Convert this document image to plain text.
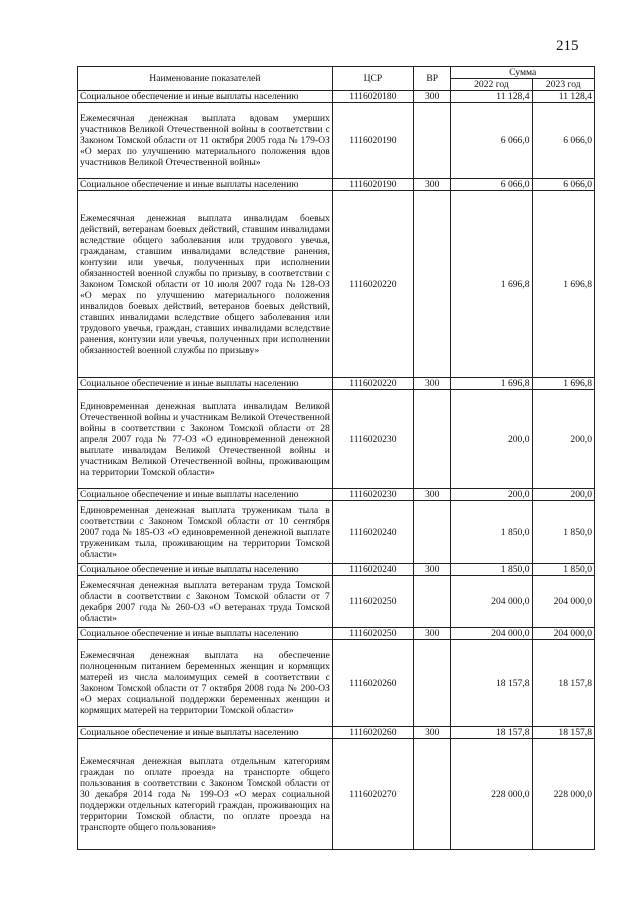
215
Наименование показателей	ЦСР	ВР	Сумма	
			2022 год	2023 год
Социальное обеспечение и иные выплаты населению	1116020180	300	11 128,4	11 128,4
Ежемесячная денежная выплата вдовам умерших участников Великой Отечественной войны в соответствии с Законом Томской области от 11 октября 2005 года № 179-ОЗ «О мерах по улучшению материального положения вдов участников Великой Отечественной войны»	1116020190		6 066,0	6 066,0
Социальное обеспечение и иные выплаты населению	1116020190	300	6 066,0	6 066,0
Ежемесячная денежная выплата инвалидам боевых действий, ветеранам боевых действий, ставшим инвалидами вследствие общего заболевания или трудового увечья, гражданам, ставшим инвалидами вследствие ранения, контузии или увечья, полученных при исполнении обязанностей военной службы по призыву, в соответствии с Законом Томской области от 10 июля 2007 года № 128-ОЗ «О мерах по улучшению материального положения инвалидов боевых действий, ветеранов боевых действий, ставших инвалидами вследствие общего заболевания или трудового увечья, граждан, ставших инвалидами вследствие ранения, контузии или увечья, полученных при исполнении обязанностей военной службы по призыву»	1116020220		1 696,8	1 696,8
Социальное обеспечение и иные выплаты населению	1116020220	300	1 696,8	1 696,8
Единовременная денежная выплата инвалидам Великой Отечественной войны и участникам Великой Отечественной войны в соответствии с Законом Томской области от 28 апреля 2007 года № 77-ОЗ «О единовременной денежной выплате инвалидам Великой Отечественной войны и участникам Великой Отечественной войны, проживающим на территории Томской области»	1116020230		200,0	200,0
Социальное обеспечение и иные выплаты населению	1116020230	300	200,0	200,0
Единовременная денежная выплата труженикам тыла в соответствии с Законом Томской области от 10 сентября 2007 года № 185-ОЗ «О единовременной денежной выплате труженикам тыла, проживающим на территории Томской области»	1116020240		1 850,0	1 850,0
Социальное обеспечение и иные выплаты населению	1116020240	300	1 850,0	1 850,0
Ежемесячная денежная выплата ветеранам труда Томской области в соответствии с Законом Томской области от 7 декабря 2007 года № 260-ОЗ «О ветеранах труда Томской области»	1116020250		204 000,0	204 000,0
Социальное обеспечение и иные выплаты населению	1116020250	300	204 000,0	204 000,0
Ежемесячная денежная выплата на обеспечение полноценным питанием беременных женщин и кормящих матерей из числа малоимущих семей в соответствии с Законом Томской области от 7 октября 2008 года № 200-ОЗ «О мерах социальной поддержки беременных женщин и кормящих матерей на территории Томской области»	1116020260		18 157,8	18 157,8
Социальное обеспечение и иные выплаты населению	1116020260	300	18 157,8	18 157,8
Ежемесячная денежная выплата отдельным категориям граждан по оплате проезда на транспорте общего пользования в соответствии с Законом Томской области от 30 декабря 2014 года № 199-ОЗ «О мерах социальной поддержки отдельных категорий граждан, проживающих на территории Томской области, по оплате проезда на транспорте общего пользования»	1116020270		228 000,0	228 000,0
